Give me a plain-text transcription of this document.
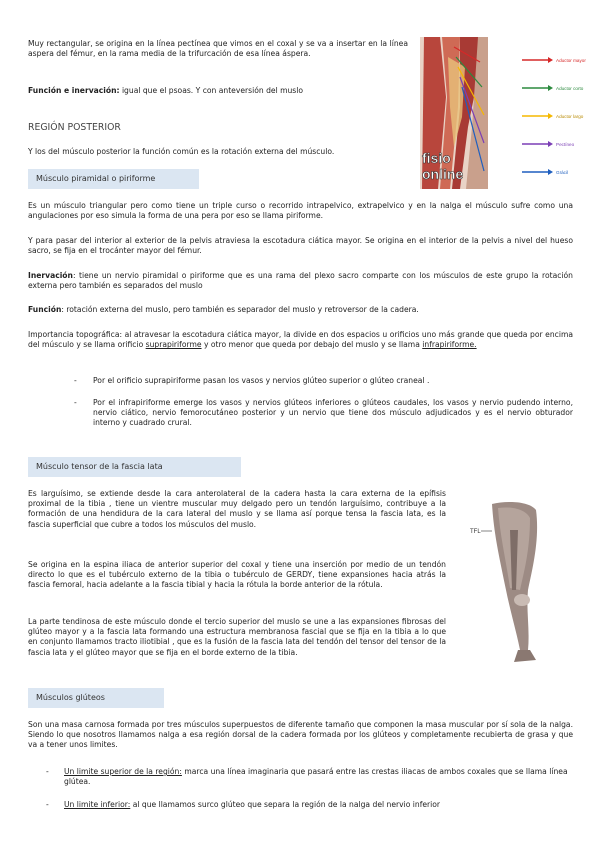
Muy rectangular, se origina en la línea pectínea que vimos en el coxal y se va a insertar en la línea aspera del fémur, en la rama media de la trifurcación de esa línea áspera.

Función e inervación: igual que el psoas. Y con anteversión del muslo

REGIÓN POSTERIOR

Y los del músculo posterior la función común es la rotación externa del músculo.	fisio
online
Aductor mayor
Aductor corto
Aductor largo
Pectíneo
Grácil
Músculo piramidal o piriforme

Es un músculo triangular pero como tiene un triple curso o recorrido intrapelvico, extrapelvico y en la nalga el músculo sufre como una angulaciones por eso simula la forma de una pera por eso se llama piriforme.

Y para pasar del interior al exterior de la pelvis atraviesa la escotadura ciática mayor. Se origina en el interior de la pelvis a nivel del hueso sacro, se fija en el trocánter mayor del fémur.

Inervación: tiene un nervio piramidal o piriforme que es una rama del plexo sacro comparte con los músculos de este grupo la rotación externa pero también es separados del muslo

Función: rotación externa del muslo, pero también es separador del muslo y retroversor de la cadera.

Importancia topográfica: al atravesar la escotadura ciática mayor, la divide en dos espacios u orificios uno más grande que queda por encima del músculo y se llama orificio suprapiriforme y otro menor que queda por debajo del muslo y se llama infrapiriforme.

- Por el orificio suprapiriforme pasan los vasos y nervios glúteo superior o glúteo craneal .

- Por el infrapiriforme emerge los vasos y nervios glúteos inferiores o glúteos caudales, los vasos y nervio pudendo interno, nervio ciático, nervio femorocutáneo posterior y un nervio que tiene dos músculo adjudicados y es el nervio obturador interno y cuadrado crural.

Músculo tensor de la fascia lata

Es larguísimo, se extiende desde la cara anterolateral de la cadera hasta la cara externa de la epífisis proximal de la tibia , tiene un vientre muscular muy delgado pero un tendón larguísimo, contribuye a la formación de una hendidura de la cara lateral del muslo y se llama así porque tensa la fascia lata, es la fascia superficial que cubre a todos los músculos del muslo.

Se origina en la espina iliaca de anterior superior del coxal y tiene una inserción por medio de un tendón directo lo que es el tubérculo externo de la tibia o tubérculo de GERDY, tiene expansiones hacia atrás la fascia femoral, hacia adelante a la fascia tibial y hacia la rótula la borde anterior de la rótula.

La parte tendinosa de este músculo donde el tercio superior del muslo se une a las expansiones fibrosas del glúteo mayor y a la fascia lata formando una estructura membranosa fascial que se fija en la tibia a lo que en conjunto llamamos tracto iliotibial , que es la fusión de la fascia lata del tendón del tensor del tensor de la fascia lata y el glúteo mayor que se fija en el borde externo de la tibia.

TFL
Músculos glúteos

Son una masa carnosa formada por tres músculos superpuestos de diferente tamaño que componen la masa muscular por sí sola de la nalga. Siendo lo que nosotros llamamos nalga a esa región dorsal de la cadera formada por los glúteos y completamente recubierta de grasa y que va a tener unos limites.

- Un limite superior de la región: marca una línea imaginaria que pasará entre las crestas iliacas de ambos coxales que se llama línea glútea.

- Un limite inferior: al que llamamos surco glúteo que separa la región de la nalga del nervio inferior
